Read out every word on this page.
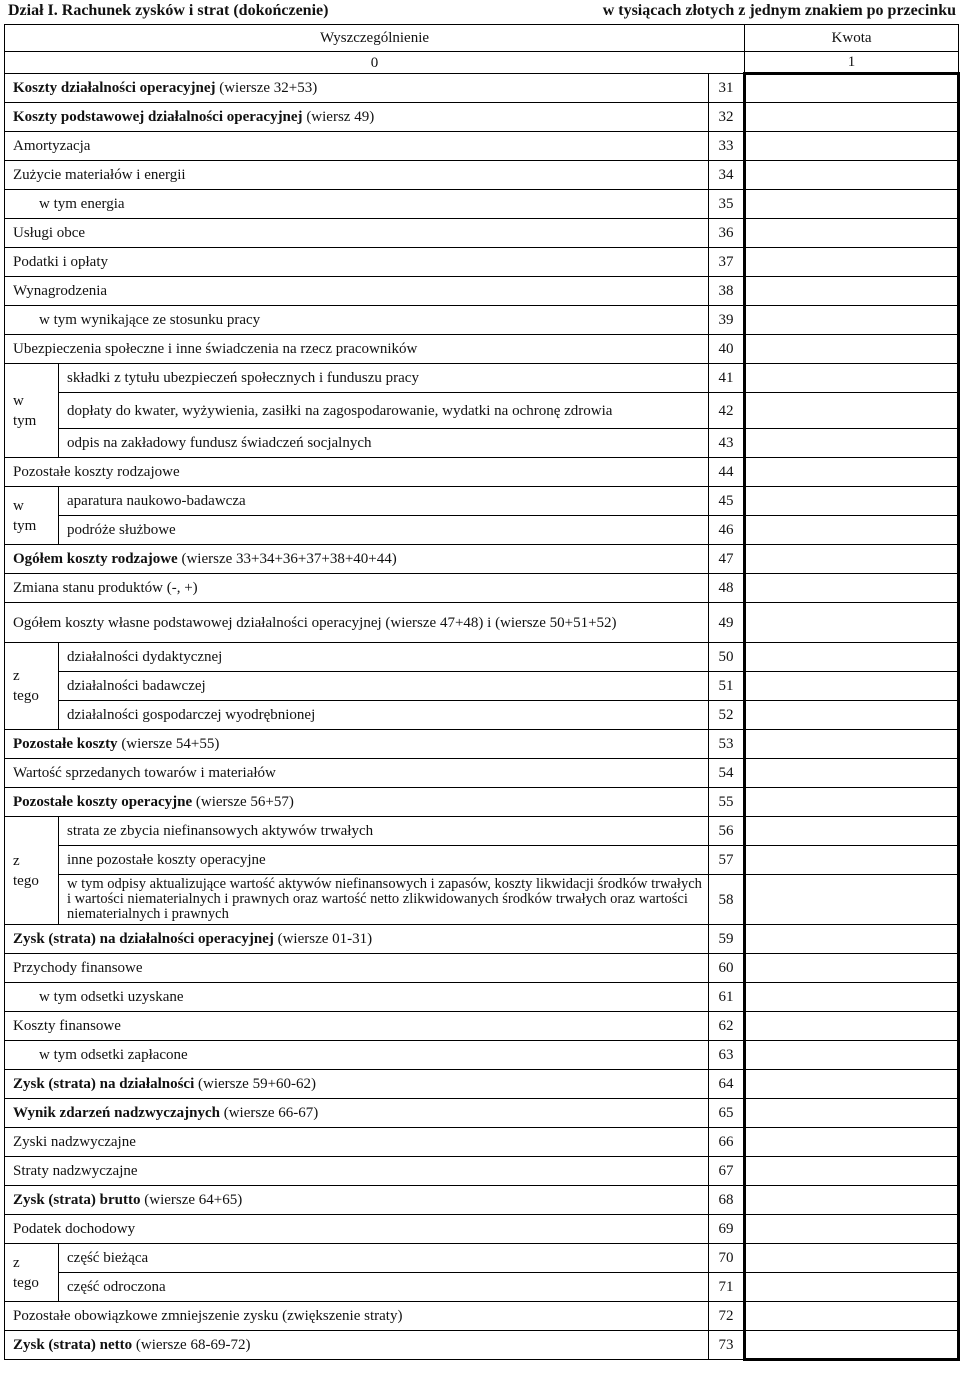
Dział I. Rachunek zysków i strat (dokończenie)	w tysiącach złotych z jednym znakiem po przecinku
Wyszczególnienie			Kwota
0			1
Koszty działalności operacyjnej (wiersze 32+53)		31	
Koszty podstawowej działalności operacyjnej (wiersz 49)		32	
Amortyzacja		33	
Zużycie materiałów i energii		34	
w tym energia		35	
Usługi obce		36	
Podatki i opłaty		37	
Wynagrodzenia		38	
w tym wynikające ze stosunku pracy		39	
Ubezpieczenia społeczne i inne świadczenia na rzecz pracowników		40	
w tym	składki z tytułu ubezpieczeń społecznych i funduszu pracy	41	
	dopłaty do kwater, wyżywienia, zasiłki na zagospodarowanie, wydatki na ochronę zdrowia	42	
	odpis na zakładowy fundusz świadczeń socjalnych	43	
Pozostałe koszty rodzajowe		44	
w tym	aparatura naukowo-badawcza	45	
	podróże służbowe	46	
Ogółem koszty rodzajowe (wiersze 33+34+36+37+38+40+44)		47	
Zmiana stanu produktów (-, +)		48	
Ogółem koszty własne podstawowej działalności operacyjnej (wiersze 47+48) i (wiersze 50+51+52)		49	
z tego	działalności dydaktycznej	50	
	działalności badawczej	51	
	działalności gospodarczej wyodrębnionej	52	
Pozostałe koszty (wiersze 54+55)		53	
Wartość sprzedanych towarów i materiałów		54	
Pozostałe koszty operacyjne (wiersze 56+57)		55	
z tego	strata ze zbycia niefinansowych aktywów trwałych	56	
	inne pozostałe koszty operacyjne	57	
	w tym odpisy aktualizujące wartość aktywów niefinansowych i zapasów, koszty likwidacji środków trwałych i wartości niematerialnych i prawnych oraz wartość netto zlikwidowanych środków trwałych oraz wartości niematerialnych i prawnych	58	
Zysk (strata) na działalności operacyjnej (wiersze 01-31)		59	
Przychody finansowe		60	
w tym odsetki uzyskane		61	
Koszty finansowe		62	
w tym odsetki zapłacone		63	
Zysk (strata) na działalności (wiersze 59+60-62)		64	
Wynik zdarzeń nadzwyczajnych (wiersze 66-67)		65	
Zyski nadzwyczajne		66	
Straty nadzwyczajne		67	
Zysk (strata) brutto (wiersze 64+65)		68	
Podatek dochodowy		69	
z tego	część bieżąca	70	
	część odroczona	71	
Pozostałe obowiązkowe zmniejszenie zysku (zwiększenie straty)		72	
Zysk (strata) netto (wiersze 68-69-72)		73	
